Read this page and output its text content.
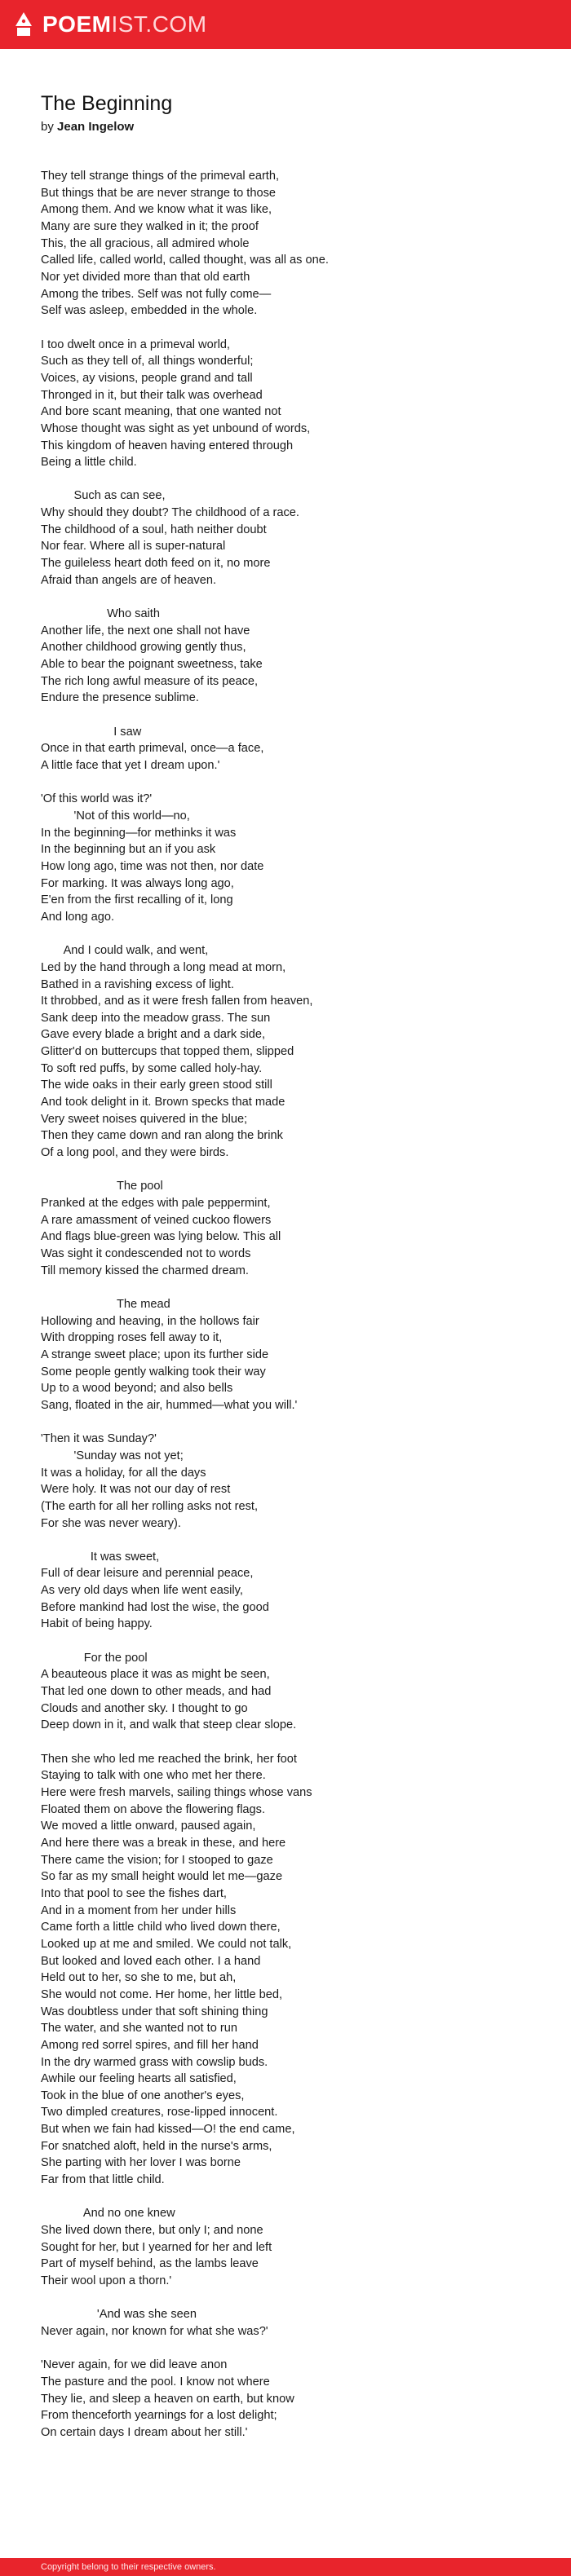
POEMIST.COM
The Beginning
by Jean Ingelow
They tell strange things of the primeval earth,
But things that be are never strange to those
Among them. And we know what it was like,
Many are sure they walked in it; the proof
This, the all gracious, all admired whole
Called life, called world, called thought, was all as one.
Nor yet divided more than that old earth
Among the tribes. Self was not fully come—
Self was asleep, embedded in the whole.

I too dwelt once in a primeval world,
Such as they tell of, all things wonderful;
Voices, ay visions, people grand and tall
Thronged in it, but their talk was overhead
And bore scant meaning, that one wanted not
Whose thought was sight as yet unbound of words,
This kingdom of heaven having entered through
Being a little child.

Such as can see,
Why should they doubt? The childhood of a race.
The childhood of a soul, hath neither doubt
Nor fear. Where all is super-natural
The guileless heart doth feed on it, no more
Afraid than angels are of heaven.

Who saith
Another life, the next one shall not have
Another childhood growing gently thus,
Able to bear the poignant sweetness, take
The rich long awful measure of its peace,
Endure the presence sublime.

I saw
Once in that earth primeval, once—a face,
A little face that yet I dream upon.'

'Of this world was it?'
'Not of this world—no,
In the beginning—for methinks it was
In the beginning but an if you ask
How long ago, time was not then, nor date
For marking. It was always long ago,
E'en from the first recalling of it, long
And long ago.

And I could walk, and went,
Led by the hand through a long mead at morn,
Bathed in a ravishing excess of light.
It throbbed, and as it were fresh fallen from heaven,
Sank deep into the meadow grass. The sun
Gave every blade a bright and a dark side,
Glitter'd on buttercups that topped them, slipped
To soft red puffs, by some called holy-hay.
The wide oaks in their early green stood still
And took delight in it. Brown specks that made
Very sweet noises quivered in the blue;
Then they came down and ran along the brink
Of a long pool, and they were birds.

The pool
Pranked at the edges with pale peppermint,
A rare amassment of veined cuckoo flowers
And flags blue-green was lying below. This all
Was sight it condescended not to words
Till memory kissed the charmed dream.

The mead
Hollowing and heaving, in the hollows fair
With dropping roses fell away to it,
A strange sweet place; upon its further side
Some people gently walking took their way
Up to a wood beyond; and also bells
Sang, floated in the air, hummed—what you will.'

'Then it was Sunday?'
'Sunday was not yet;
It was a holiday, for all the days
Were holy. It was not our day of rest
(The earth for all her rolling asks not rest,
For she was never weary).

It was sweet,
Full of dear leisure and perennial peace,
As very old days when life went easily,
Before mankind had lost the wise, the good
Habit of being happy.

For the pool
A beauteous place it was as might be seen,
That led one down to other meads, and had
Clouds and another sky. I thought to go
Deep down in it, and walk that steep clear slope.

Then she who led me reached the brink, her foot
Staying to talk with one who met her there.
Here were fresh marvels, sailing things whose vans
Floated them on above the flowering flags.
We moved a little onward, paused again,
And here there was a break in these, and here
There came the vision; for I stooped to gaze
So far as my small height would let me—gaze
Into that pool to see the fishes dart,
And in a moment from her under hills
Came forth a little child who lived down there,
Looked up at me and smiled. We could not talk,
But looked and loved each other. I a hand
Held out to her, so she to me, but ah,
She would not come. Her home, her little bed,
Was doubtless under that soft shining thing
The water, and she wanted not to run
Among red sorrel spires, and fill her hand
In the dry warmed grass with cowslip buds.
Awhile our feeling hearts all satisfied,
Took in the blue of one another's eyes,
Two dimpled creatures, rose-lipped innocent.
But when we fain had kissed—O! the end came,
For snatched aloft, held in the nurse's arms,
She parting with her lover I was borne
Far from that little child.

And no one knew
She lived down there, but only I; and none
Sought for her, but I yearned for her and left
Part of myself behind, as the lambs leave
Their wool upon a thorn.'

'And was she seen
Never again, nor known for what she was?'

'Never again, for we did leave anon
The pasture and the pool. I know not where
They lie, and sleep a heaven on earth, but know
From thenceforth yearnings for a lost delight;
On certain days I dream about her still.'
Copyright belong to their respective owners.
